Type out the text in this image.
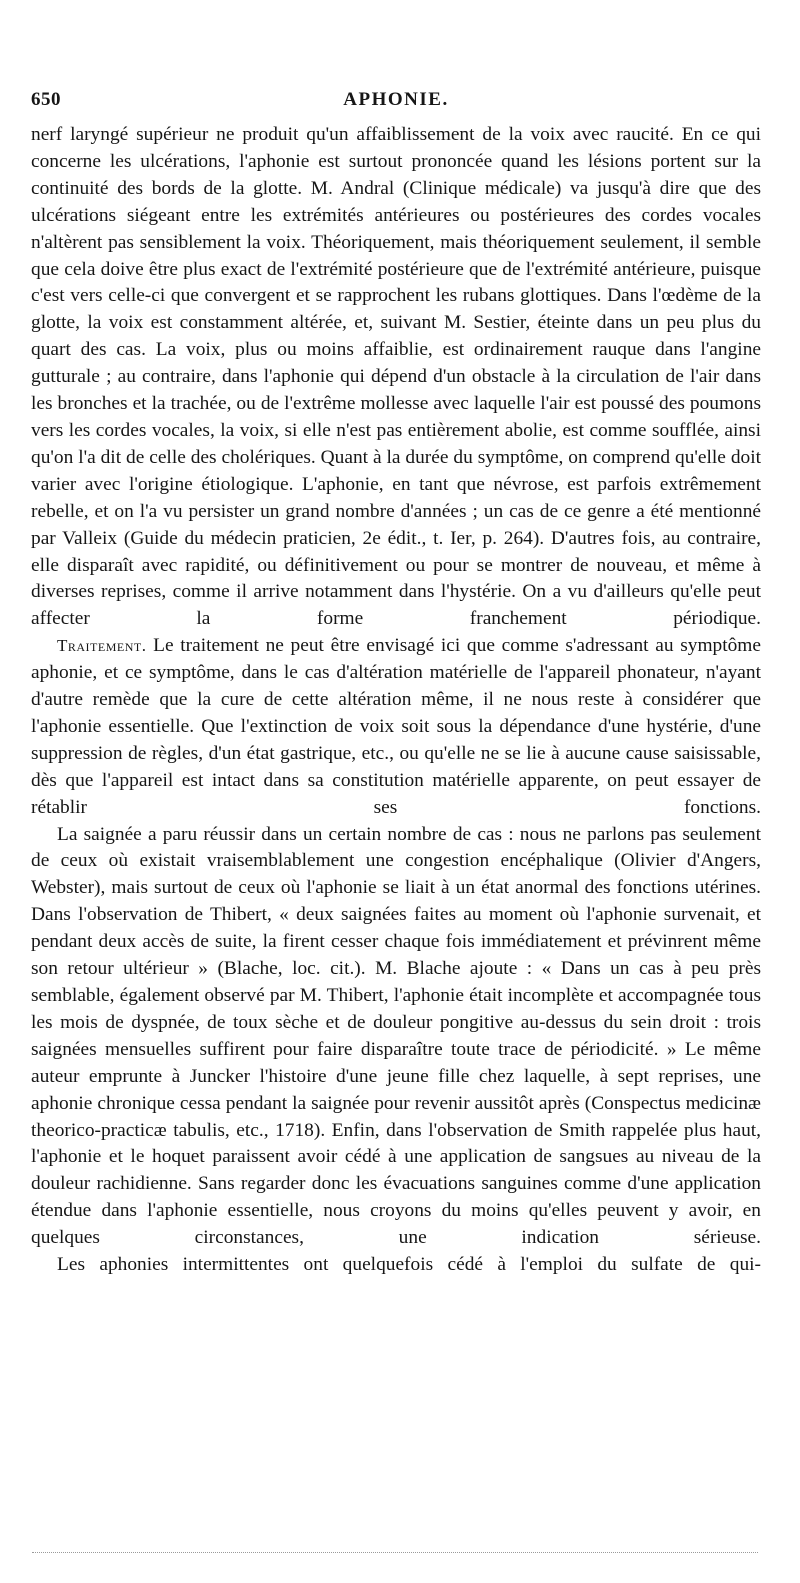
650	APHONIE.

nerf laryngé supérieur ne produit qu'un affaiblissement de la voix avec raucité. En ce qui concerne les ulcérations, l'aphonie est surtout prononcée quand les lésions portent sur la continuité des bords de la glotte. M. Andral (Clinique médicale) va jusqu'à dire que des ulcérations siégeant entre les extrémités antérieures ou postérieures des cordes vocales n'altèrent pas sensiblement la voix. Théoriquement, mais théoriquement seulement, il semble que cela doive être plus exact de l'extrémité postérieure que de l'extrémité antérieure, puisque c'est vers celle-ci que convergent et se rapprochent les rubans glottiques. Dans l'œdème de la glotte, la voix est constamment altérée, et, suivant M. Sestier, éteinte dans un peu plus du quart des cas. La voix, plus ou moins affaiblie, est ordinairement rauque dans l'angine gutturale ; au contraire, dans l'aphonie qui dépend d'un obstacle à la circulation de l'air dans les bronches et la trachée, ou de l'extrême mollesse avec laquelle l'air est poussé des poumons vers les cordes vocales, la voix, si elle n'est pas entièrement abolie, est comme soufflée, ainsi qu'on l'a dit de celle des cholériques. Quant à la durée du symptôme, on comprend qu'elle doit varier avec l'origine étiologique. L'aphonie, en tant que névrose, est parfois extrêmement rebelle, et on l'a vu persister un grand nombre d'années ; un cas de ce genre a été mentionné par Valleix (Guide du médecin praticien, 2e édit., t. Ier, p. 264). D'autres fois, au contraire, elle disparaît avec rapidité, ou définitivement ou pour se montrer de nouveau, et même à diverses reprises, comme il arrive notamment dans l'hystérie. On a vu d'ailleurs qu'elle peut affecter la forme franchement périodique.

Traitement. Le traitement ne peut être envisagé ici que comme s'adressant au symptôme aphonie, et ce symptôme, dans le cas d'altération matérielle de l'appareil phonateur, n'ayant d'autre remède que la cure de cette altération même, il ne nous reste à considérer que l'aphonie essentielle. Que l'extinction de voix soit sous la dépendance d'une hystérie, d'une suppression de règles, d'un état gastrique, etc., ou qu'elle ne se lie à aucune cause saisissable, dès que l'appareil est intact dans sa constitution matérielle apparente, on peut essayer de rétablir ses fonctions.

La saignée a paru réussir dans un certain nombre de cas : nous ne parlons pas seulement de ceux où existait vraisemblablement une congestion encéphalique (Olivier d'Angers, Webster), mais surtout de ceux où l'aphonie se liait à un état anormal des fonctions utérines. Dans l'observation de Thibert, « deux saignées faites au moment où l'aphonie survenait, et pendant deux accès de suite, la firent cesser chaque fois immédiatement et prévinrent même son retour ultérieur » (Blache, loc. cit.). M. Blache ajoute : « Dans un cas à peu près semblable, également observé par M. Thibert, l'aphonie était incomplète et accompagnée tous les mois de dyspnée, de toux sèche et de douleur pongitive au-dessus du sein droit : trois saignées mensuelles suffirent pour faire disparaître toute trace de périodicité. » Le même auteur emprunte à Juncker l'histoire d'une jeune fille chez laquelle, à sept reprises, une aphonie chronique cessa pendant la saignée pour revenir aussitôt après (Conspectus medicinæ theorico-practicæ tabulis, etc., 1718). Enfin, dans l'observation de Smith rappelée plus haut, l'aphonie et le hoquet paraissent avoir cédé à une application de sangsues au niveau de la douleur rachidienne. Sans regarder donc les évacuations sanguines comme d'une application étendue dans l'aphonie essentielle, nous croyons du moins qu'elles peuvent y avoir, en quelques circonstances, une indication sérieuse.

Les aphonies intermittentes ont quelquefois cédé à l'emploi du sulfate de qui-
